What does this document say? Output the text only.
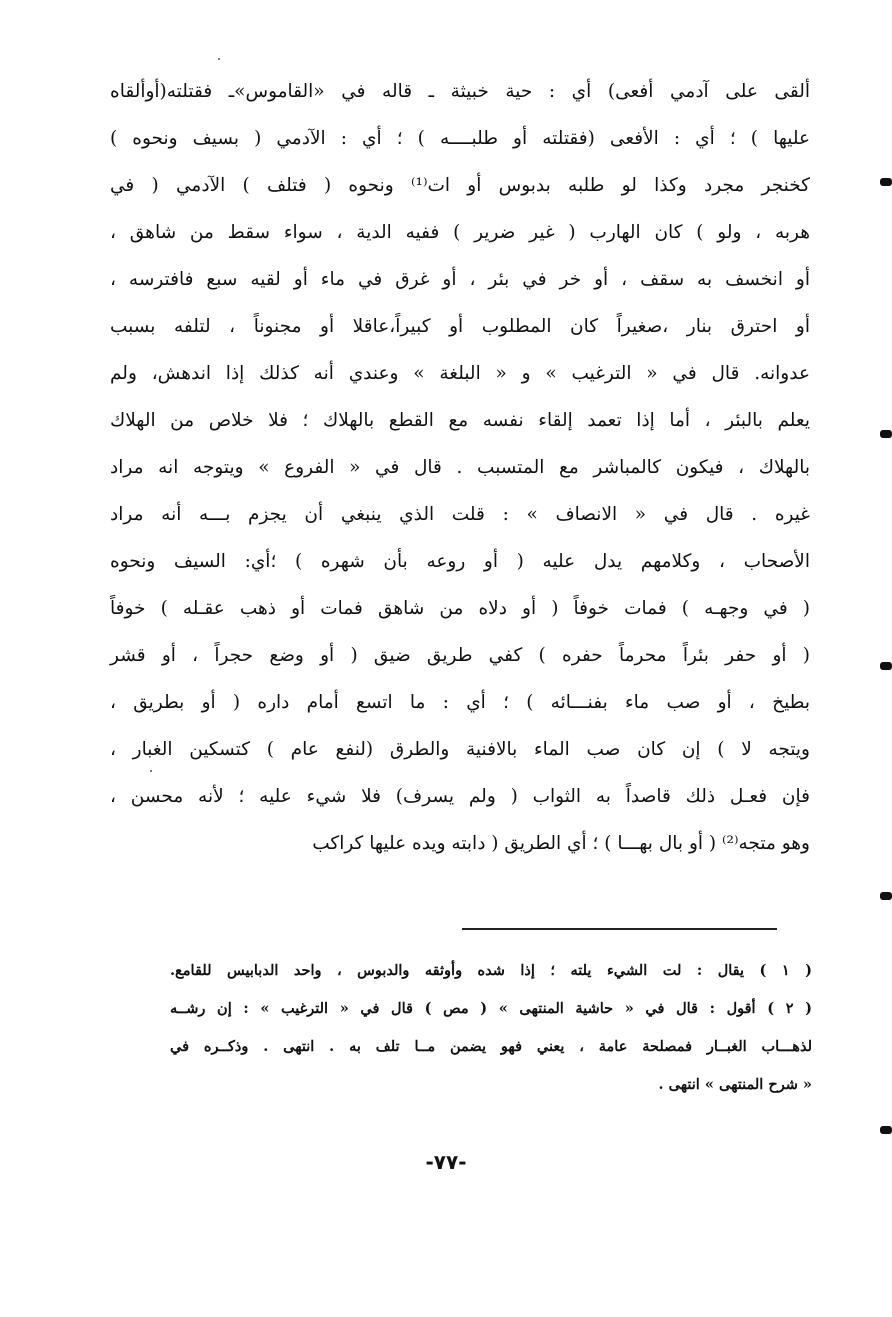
ألقى على آدمي أفعى) أي : حية خبيثة ـ قاله في «القاموس»ـ فقتلته(أوألقاه
عليها ) ؛ أي : الأفعى (فقتلته أو طلبــــه ) ؛ أي : الآدمي ( بسيف ونحوه )
كخنجر مجرد وكذا لو طلبه بدبوس أو ات⁽¹⁾ ونحوه ( فتلف ) الآدمي ( في
هربه ، ولو ) كان الهارب ( غير ضرير ) ففيه الدية ، سواء سقط من شاهق ،
أو انخسف به سقف ، أو خر في بئر ، أو غرق في ماء أو لقيه سبع فافترسه ،
أو احترق بنار ،صغيراً كان المطلوب أو كبيراً،عاقلا أو مجنوناً ، لتلفه بسبب
عدوانه. قال في « الترغيب » و « البلغة » وعندي أنه كذلك إذا اندهش، ولم
يعلم بالبئر ، أما إذا تعمد إلقاء نفسه مع القطع بالهلاك ؛ فلا خلاص من الهلاك
بالهلاك ، فيكون كالمباشر مع المتسبب . قال في « الفروع » ويتوجه انه مراد
غيره . قال في « الانصاف » : قلت الذي ينبغي أن يجزم بـــه أنه مراد
الأصحاب ، وكلامهم يدل عليه ( أو روعه بأن شهره ) ؛أي: السيف ونحوه
( في وجهـه ) فمات خوفاً ( أو دلاه من شاهق فمات أو ذهب عقـله ) خوفاً
( أو حفر بئراً محرماً حفره ) كفي طريق ضيق ( أو وضع حجراً ، أو قشر
بطيخ ، أو صب ماء بفنـــائه ) ؛ أي : ما اتسع أمام داره ( أو بطريق ،
ويتجه لا ) إن كان صب الماء بالافنية والطرق (لنفع عام ) كتسكين الغبار ،
فإن فعـل ذلك قاصداً به الثواب ( ولم يسرف) فلا شيء عليه ؛ لأنه محسن ،
وهو متجه⁽²⁾ ( أو بال بهـــا ) ؛ أي الطريق ( دابته ويده عليها كراكب
( ١ ) يقال : لت الشيء يلته ؛ إذا شده وأوثقه والدبوس ، واحد الدبابيس للقامع.
( ٢ ) أقول : قال في « حاشية المنتهى » ( مص ) قال في « الترغيب » : إن رشــه
لذهـــاب الغبــار فمصلحة عامة ، يعني فهو يضمن مــا تلف به . انتهى . وذكــره في
« شرح المنتهى » انتهى .
-٧٧-
